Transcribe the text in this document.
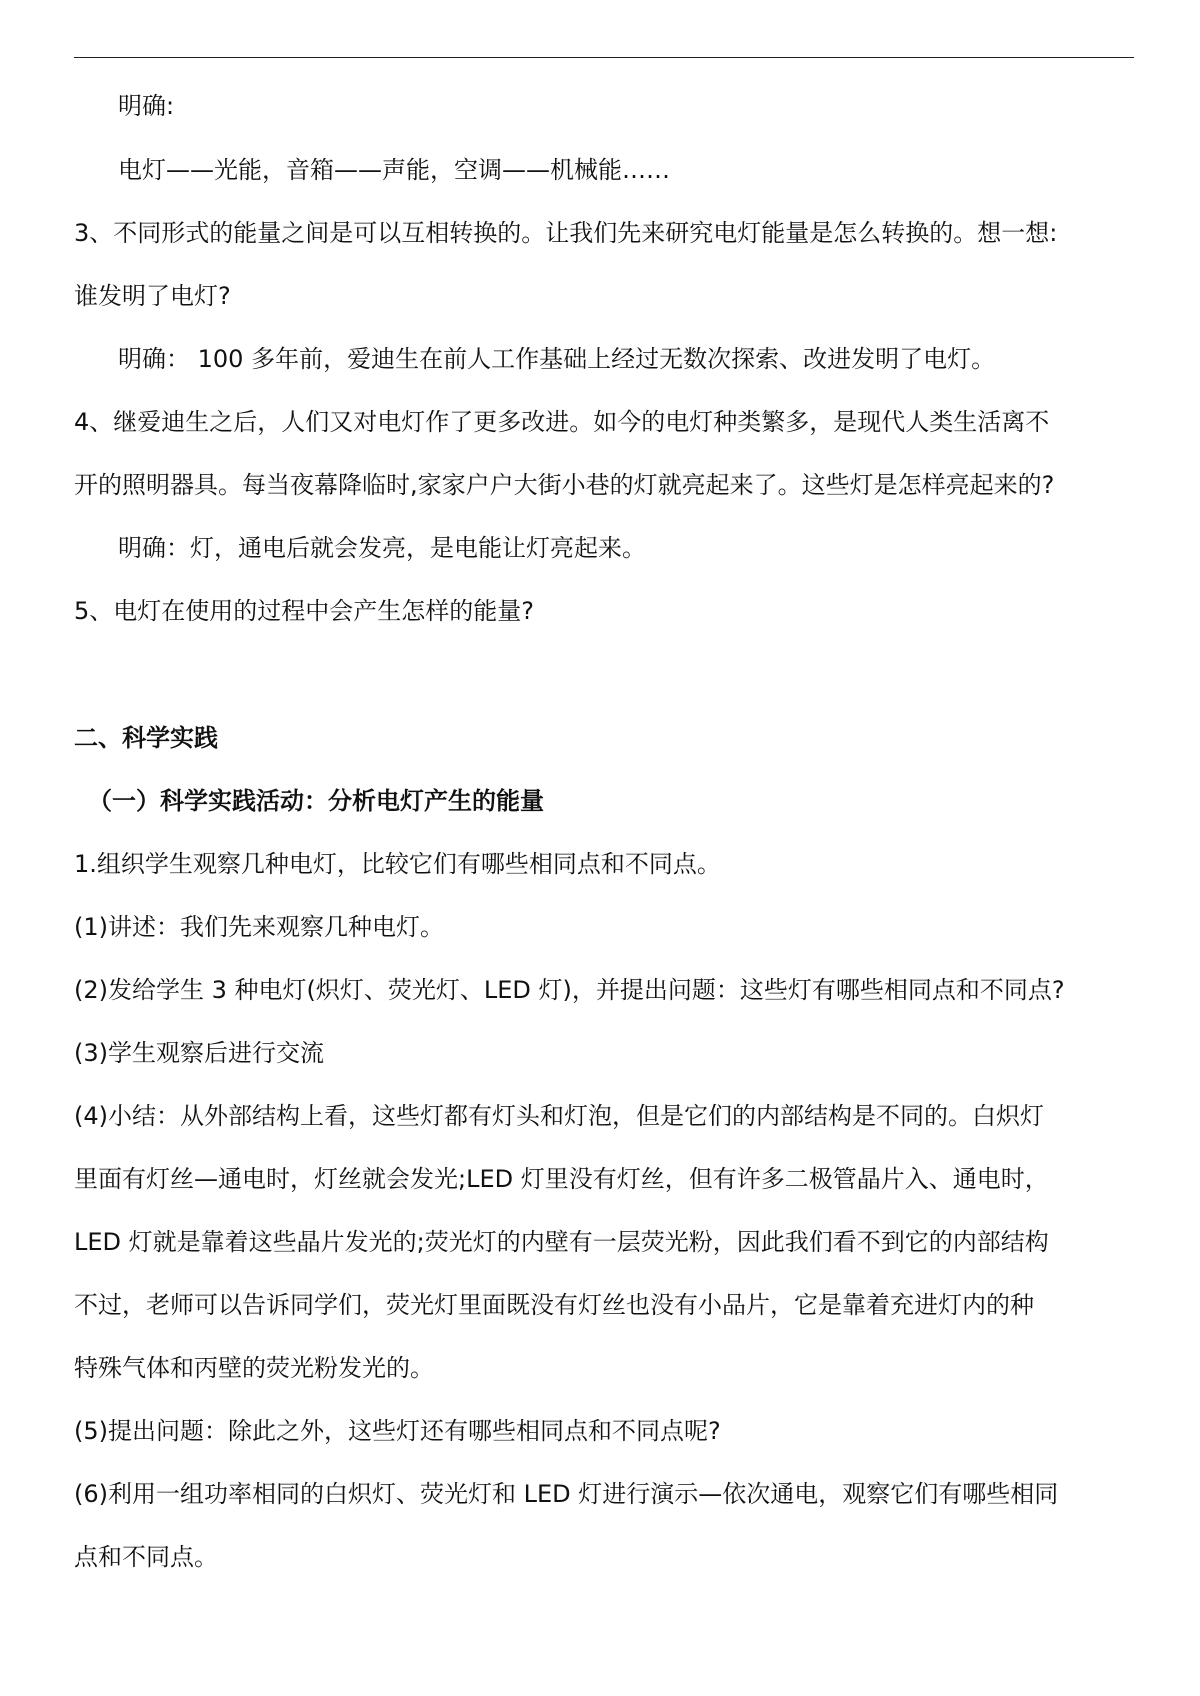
明确:
电灯——光能，音箱——声能，空调——机械能……
3、不同形式的能量之间是可以互相转换的。让我们先来研究电灯能量是怎么转换的。想一想:
谁发明了电灯?
明确： 100 多年前，爱迪生在前人工作基础上经过无数次探索、改进发明了电灯。
4、继爱迪生之后，人们又对电灯作了更多改进。如今的电灯种类繁多，是现代人类生活离不
开的照明器具。每当夜幕降临时,家家户户大街小巷的灯就亮起来了。这些灯是怎样亮起来的?
明确：灯，通电后就会发亮，是电能让灯亮起来。
5、电灯在使用的过程中会产生怎样的能量?
二、科学实践
（一）科学实践活动：分析电灯产生的能量
1.组织学生观察几种电灯，比较它们有哪些相同点和不同点。
(1)讲述：我们先来观察几种电灯。
(2)发给学生 3 种电灯(炽灯、荧光灯、LED 灯)，并提出问题：这些灯有哪些相同点和不同点?
(3)学生观察后进行交流
(4)小结：从外部结构上看，这些灯都有灯头和灯泡，但是它们的内部结构是不同的。白炽灯
里面有灯丝—通电时，灯丝就会发光;LED 灯里没有灯丝，但有许多二极管晶片入、通电时，
LED 灯就是靠着这些晶片发光的;荧光灯的内壁有一层荧光粉，因此我们看不到它的内部结构
不过，老师可以告诉同学们，荧光灯里面既没有灯丝也没有小品片，它是靠着充进灯内的种
特殊气体和丙壁的荧光粉发光的。
(5)提出问题：除此之外，这些灯还有哪些相同点和不同点呢?
(6)利用一组功率相同的白炽灯、荧光灯和 LED 灯进行演示—依次通电，观察它们有哪些相同
点和不同点。
